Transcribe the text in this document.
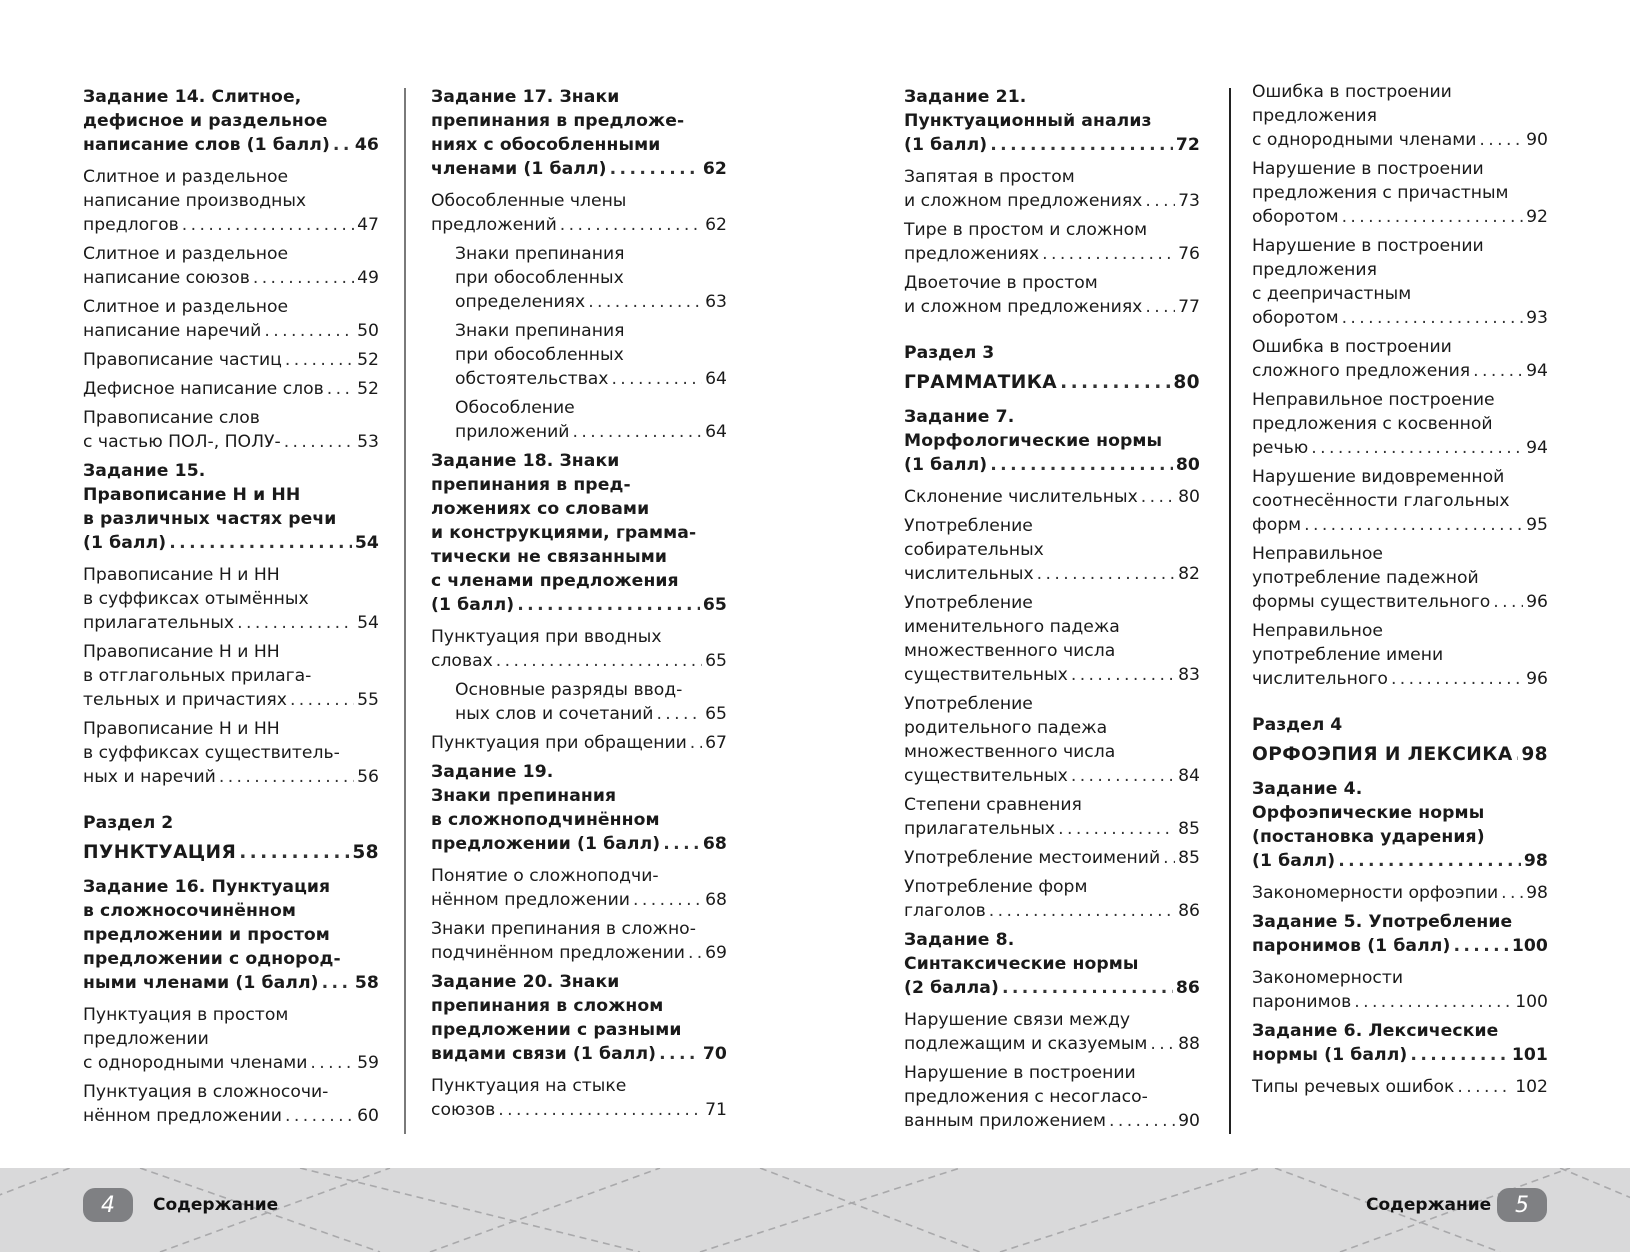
Задание 14. Слитное,
дефисное и раздельное
написание слов (1 балл) ..... 46
Слитное и раздельное
написание производных
предлогов .....	47
Слитное и раздельное
написание союзов .....	49
Слитное и раздельное
написание наречий .....	50
Правописание частиц .....	52
Дефисное написание слов ..... 52
Правописание слов
с частью ПОЛ-, ПОЛУ- .....	53
Задание 15.
Правописание Н и НН
в различных частях речи
(1 балл) .....	54
Правописание Н и НН
в суффиксах отымённых
прилагательных .....	54
Правописание Н и НН
в отглагольных прилага-
тельных и причастиях .....	55
Правописание Н и НН
в суффиксах существитель-
ных и наречий .....	56
Раздел 2
ПУНКТУАЦИЯ .....	58
Задание 16. Пунктуация
в сложносочинённом
предложении и простом
предложении с однород-
ными членами (1 балл) ..... 58
Пунктуация в простом
предложении
с однородными членами .....	59
Пунктуация в сложносочи-
нённом предложении .....	60
Задание 17. Знаки
препинания в предложе-
ниях с обособленными
членами (1 балл) .....	62
Обособленные члены
предложений .....	62
Знаки препинания
при обособленных
определениях .....	63
Знаки препинания
при обособленных
обстоятельствах .....	64
Обособление
приложений .....	64
Задание 18. Знаки
препинания в пред-
ложениях со словами
и конструкциями, грамма-
тически не связанными
с членами предложения
(1 балл) .....	65
Пунктуация при вводных
словах .....	65
Основные разряды ввод-
ных слов и сочетаний .....	65
Пунктуация при обращении ..... 67
Задание 19.
Знаки препинания
в сложноподчинённом
предложении (1 балл) ..... 68
Понятие о сложноподчи-
нённом предложении .....	68
Знаки препинания в сложно-
подчинённом предложении ..... 69
Задание 20. Знаки
препинания в сложном
предложении с разными
видами связи (1 балл) .....	70
Пунктуация на стыке
союзов .....	71
Задание 21.
Пунктуационный анализ
(1 балл) .....	72
Запятая в простом
и сложном предложениях ..... 73
Тире в простом и сложном
предложениях .....	76
Двоеточие в простом
и сложном предложениях ..... 77
Раздел 3
ГРАММАТИКА .....	80
Задание 7.
Морфологические нормы
(1 балл) .....	80
Склонение числительных ..... 80
Употребление
собирательных
числительных .....	82
Употребление
именительного падежа
множественного числа
существительных .....	83
Употребление
родительного падежа
множественного числа
существительных .....	84
Степени сравнения
прилагательных .....	85
Употребление местоимений ..... 85
Употребление форм
глаголов .....	86
Задание 8.
Синтаксические нормы
(2 балла) .....	86
Нарушение связи между
подлежащим и сказуемым ..... 88
Нарушение в построении
предложения с несогласо-
ванным приложением .....	90
Ошибка в построении
предложения
с однородными членами .....	90
Нарушение в построении
предложения с причастным
оборотом .....	92
Нарушение в построении
предложения
с деепричастным
оборотом .....	93
Ошибка в построении
сложного предложения .....	94
Неправильное построение
предложения с косвенной
речью .....	94
Нарушение видовременной
соотнесённости глагольных
форм .....	95
Неправильное
употребление падежной
формы существительного ..... 96
Неправильное
употребление имени
числительного .....	96
Раздел 4
ОРФОЭПИЯ И ЛЕКСИКА ..... 98
Задание 4.
Орфоэпические нормы
(постановка ударения)
(1 балл) .....	98
Закономерности орфоэпии ..... 98
Задание 5. Употребление
паронимов (1 балл) .....	100
Закономерности
паронимов .....	100
Задание 6. Лексические
нормы (1 балл) .....	101
Типы речевых ошибок .....	102
4	Содержание	Содержание	5
